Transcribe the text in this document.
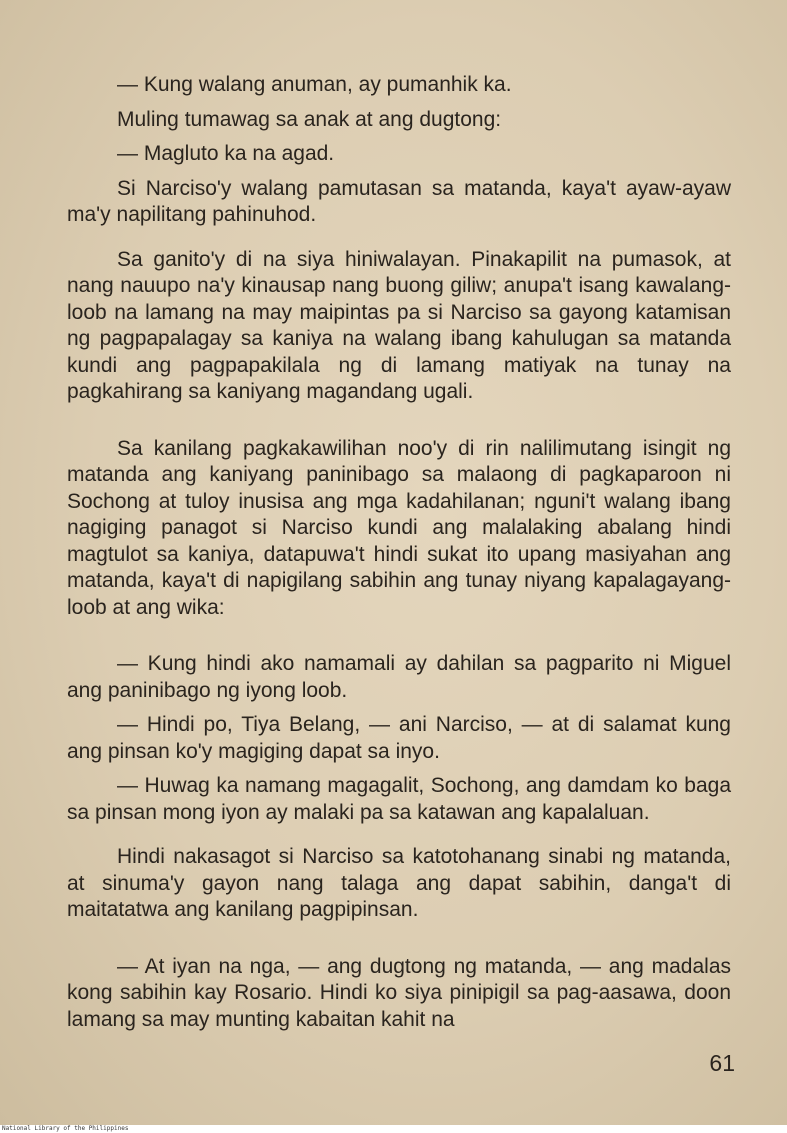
— Kung walang anuman, ay pumanhik ka.

Muling tumawag sa anak at ang dugtong:

— Magluto ka na agad.

Si Narciso'y walang pamutasan sa matanda, kaya't ayaw-ayaw ma'y napilitang pahinuhod.

Sa ganito'y di na siya hiniwalayan. Pinakapilit na pumasok, at nang nauupo na'y kinausap nang buong giliw; anupa't isang kawalang-loob na lamang na may maipintas pa si Narciso sa gayong katamisan ng pagpapalagay sa kaniya na walang ibang kahulugan sa matanda kundi ang pagpapakilala ng di lamang matiyak na tunay na pagkahirang sa kaniyang magandang ugali.

Sa kanilang pagkakawilihan noo'y di rin nalilimutang isingit ng matanda ang kaniyang paninibago sa malaong di pagkaparoon ni Sochong at tuloy inusisa ang mga kadahilanan; nguni't walang ibang nagiging panagot si Narciso kundi ang malalaking abalang hindi magtulot sa kaniya, datapuwa't hindi sukat ito upang masiyahan ang matanda, kaya't di napigilang sabihin ang tunay niyang kapalagayang-loob at ang wika:

— Kung hindi ako namamali ay dahilan sa pagparito ni Miguel ang paninibago ng iyong loob.

— Hindi po, Tiya Belang, — ani Narciso, — at di salamat kung ang pinsan ko'y magiging dapat sa inyo.

— Huwag ka namang magagalit, Sochong, ang damdam ko baga sa pinsan mong iyon ay malaki pa sa katawan ang kapalaluan.

Hindi nakasagot si Narciso sa katotohanang sinabi ng matanda, at sinuma'y gayon nang talaga ang dapat sabihin, danga't di maitatatwa ang kanilang pagpipinsan.

— At iyan na nga, — ang dugtong ng matanda, — ang madalas kong sabihin kay Rosario. Hindi ko siya pinipigil sa pag-aasawa, doon lamang sa may munting kabaitan kahit na

61
National Library of the Philippines
